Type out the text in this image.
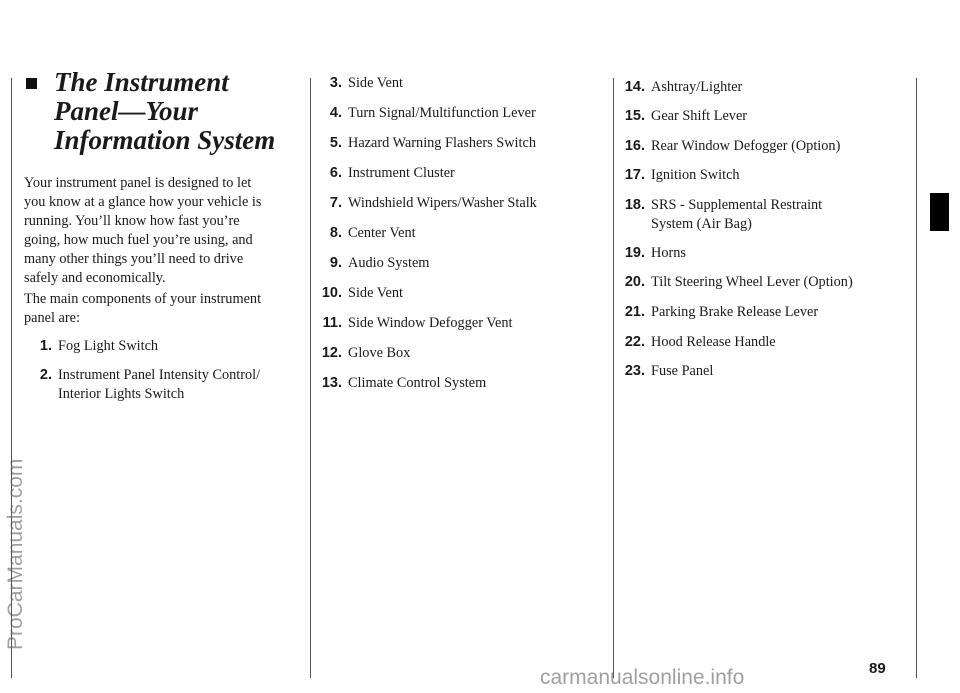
The Instrument
Panel—Your
Information System
Your instrument panel is designed to let
you know at a glance how your vehicle is
running. You’ll know how fast you’re
going, how much fuel you’re using, and
many other things you’ll need to drive
safely and economically.
The main components of your instrument
panel are:
1. Fog Light Switch
2. Instrument Panel Intensity Control/
Interior Lights Switch
3. Side Vent
4. Turn Signal/Multifunction Lever
5. Hazard Warning Flashers Switch
6. Instrument Cluster
7. Windshield Wipers/Washer Stalk
8. Center Vent
9. Audio System
10. Side Vent
11. Side Window Defogger Vent
12. Glove Box
13. Climate Control System
14. Ashtray/Lighter
15. Gear Shift Lever
16. Rear Window Defogger (Option)
17. Ignition Switch
18. SRS - Supplemental Restraint
System (Air Bag)
19. Horns
20. Tilt Steering Wheel Lever (Option)
21. Parking Brake Release Lever
22. Hood Release Handle
23. Fuse Panel
89
ProCarManuals.com
carmanualsonline.info
